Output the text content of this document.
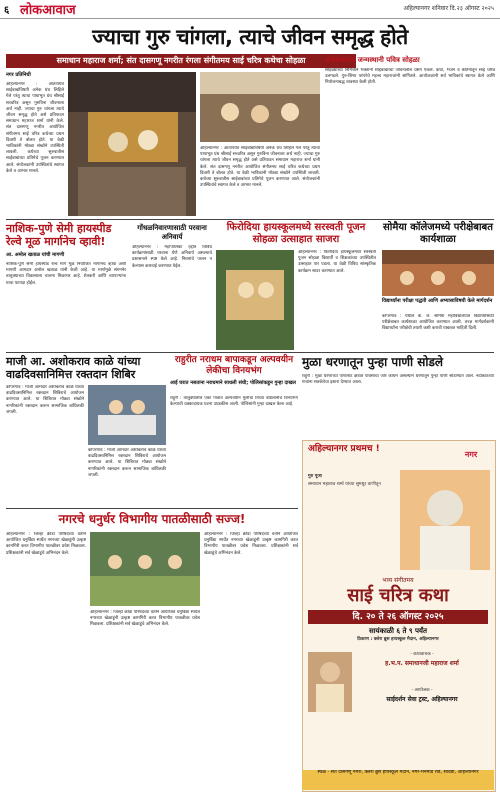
६ लोकआवाज	अहिल्यानगर शनिवार दि.२३ ऑगस्ट २०२५
ज्याचा गुरु चांगला, त्याचे जीवन समृद्ध होते
समाधान महाराज शर्मा; संत दासगणू नगरीत रंगला संगीतमय साई चरित्र कथेचा सोहळा
नगर प्रतिनिधी
अहिल्यानगर : आतापर्यंत साईबाबांविषयी अनेक ग्रंथ लिहिले गेले परंतु त्याचा पायाभूत ग्रंथ श्रीसाई सच्चरित्र असून गुरुविना जीवनाला अर्थ नाही. ज्याचा गुरु चांगला त्याचे जीवन समृद्ध होते असे प्रतिपादन समाधान महाराज शर्मा यांनी केले. संत दासगणू नगरीत आयोजित संगीतमय साई चरित्र कथेच्या प्रथम दिवशी ते बोलत होते. या वेळी भाविकांनी मोठ्या संख्येने उपस्थिती लावली. कथेच्या सुरुवातीस साईबाबांच्या प्रतिमेचे पूजन करण्यात आले. संयोजकांनी उपस्थितांचे स्वागत केले व आभार मानले.
अहिल्यानगर : आतापर्यंत साईबाबांविषयी अनेक ग्रंथ लिहिले गेले परंतु त्याचा पायाभूत ग्रंथ श्रीसाई सच्चरित्र असून गुरुविना जीवनाला अर्थ नाही. ज्याचा गुरु चांगला त्याचे जीवन समृद्ध होते असे प्रतिपादन समाधान महाराज शर्मा यांनी केले. संत दासगणू नगरीत आयोजित संगीतमय साई चरित्र कथेच्या प्रथम दिवशी ते बोलत होते. या वेळी भाविकांनी मोठ्या संख्येने उपस्थिती लावली. कथेच्या सुरुवातीस साईबाबांच्या प्रतिमेचे पूजन करण्यात आले. संयोजकांनी उपस्थितांचे स्वागत केले व आभार मानले.
साईबाबांच्या जन्मस्थानी पवित्र सोहळा
सोहळ्याच्या निमित्ताने भक्तांनी साईबाबांच्या जीवनातील प्रसंग ऐकले. कथा, भजन व कीर्तनातून साई चरित्र उलगडले. गुरु-शिष्य परंपरेचे महत्त्व महाराजांनी सांगितले. आयोजकांनी सर्व भाविकांचे स्वागत केले आणि नियोजनाबद्ध व्यवस्था केली होती.
नाशिक-पुणे सेमी हायस्पीड रेल्वे मूळ मार्गानेच व्हावी!
आ. अमोल खताळ यांची मागणी
नाशिक-पुणे सेमी हायस्पीड रेल्वे मार्ग मूळ नियोजित मार्गानेच व्हावा अशी मागणी आमदार अमोल खताळ यांनी केली आहे. या मार्गामुळे संगमनेर तालुक्याच्या विकासाला चालना मिळणार आहे. शेतकरी आणि व्यापाऱ्यांना याचा फायदा होईल.
गोंधळनिवारणासाठी परवाना अनिवार्य
अहिल्यानगर : महापालिका हद्दीत विविध कार्यक्रमांसाठी परवाना घेणे अनिवार्य असल्याचे प्रशासनाने स्पष्ट केले आहे. नियमांचे पालन न केल्यास कारवाई करण्यात येईल.
फिरोदिया हायस्कूलमध्ये सरस्वती पूजन सोहळा उत्साहात साजरा
अहिल्यानगर : फिरोदिया हायस्कूलमध्ये सरस्वती पूजन सोहळा विद्यार्थी व शिक्षकांच्या उपस्थितीत उत्साहात पार पडला. या वेळी विविध सांस्कृतिक कार्यक्रम सादर करण्यात आले.
सोमैया कॉलेजमध्ये परीक्षेबाबत कार्यशाळा
विद्यार्थ्यांना परीक्षा पद्धती आणि अभ्यासाविषयी केले मार्गदर्शन
कोपरगाव : येथील के. जे. सोमैया महाविद्यालयात विद्यार्थ्यांसाठी परीक्षेबाबत कार्यशाळा आयोजित करण्यात आली. तज्ज्ञ मार्गदर्शकांनी विद्यार्थ्यांना परीक्षेची तयारी कशी करावी याबाबत माहिती दिली.
माजी आ. अशोकराव काळे यांच्या वाढदिवसानिमित्त रक्तदान शिबिर
कोपरगाव : माजी आमदार अशोकराव काळे यांच्या वाढदिवसानिमित्त रक्तदान शिबिराचे आयोजन करण्यात आले. या शिबिरात मोठ्या संख्येने नागरिकांनी रक्तदान करून सामाजिक बांधिलकी जपली.
कोपरगाव : माजी आमदार अशोकराव काळे यांच्या वाढदिवसानिमित्त रक्तदान शिबिराचे आयोजन करण्यात आले. या शिबिरात मोठ्या संख्येने नागरिकांनी रक्तदान करून सामाजिक बांधिलकी जपली.
राहुरीत नराधम बापाकडून अल्पवयीन लेकीचा विनयभंग
आई घरात नसताना नराधमाने साधली संधी; पोलिसांकडून गुन्हा दाखल
राहुरी : तालुक्यातील एका गावात अल्पवयीन मुलीचा तिच्या वडिलांनीच विनयभंग केल्याची धक्कादायक घटना उघडकीस आली. पोलिसांनी गुन्हा दाखल केला आहे.
मुळा धरणातून पुन्हा पाणी सोडले
राहुरी : मुळा धरणाच्या पाणलोट क्षेत्रात पावसाचा जोर कायम असल्याने धरणातून पुन्हा पाणी सोडण्यात आले. नदीकाठच्या गावांना सतर्कतेचा इशारा देण्यात आला.
अहिल्यानगर प्रथमच !
नगर
गुरु पूजा
समाधान महाराज शर्मा यांच्या सुमधुर वाणीतून
भव्य संगीतमय
साई चरित्र कथा
दि. २० ते २६ ऑगस्ट २०२५
सायंकाळी ६ ते ९ पर्यंत
ठिकाण : क्लेरा ब्रुस हायस्कूल मैदान, अहिल्यानगर
- कथावाचक -
ह.भ.प. समाधानजी महाराज शर्मा
- आयोजक -
साईदर्शन सेवा ट्रस्ट, अहिल्यानगर
स्थळ - संत दासगणू नगरी, क्लेरा ब्रुस हायस्कूल मैदान, नगर-मनमाड रोड, सावेडी, अहिल्यानगर
नगरचे धनुर्धर विभागीय पातळीसाठी सज्ज!
अहिल्यानगर : जिल्हा क्रीडा परिषदेच्या वतीने आयोजित धनुर्विद्या स्पर्धेत नगरच्या खेळाडूंनी उत्कृष्ट कामगिरी करत विभागीय पातळीवर प्रवेश मिळवला. प्रशिक्षकांनी सर्व खेळाडूंचे अभिनंदन केले.
अहिल्यानगर : जिल्हा क्रीडा परिषदेच्या वतीने आयोजित धनुर्विद्या स्पर्धेत नगरच्या खेळाडूंनी उत्कृष्ट कामगिरी करत विभागीय पातळीवर प्रवेश मिळवला. प्रशिक्षकांनी सर्व खेळाडूंचे अभिनंदन केले.
अहिल्यानगर : जिल्हा क्रीडा परिषदेच्या वतीने आयोजित धनुर्विद्या स्पर्धेत नगरच्या खेळाडूंनी उत्कृष्ट कामगिरी करत विभागीय पातळीवर प्रवेश मिळवला. प्रशिक्षकांनी सर्व खेळाडूंचे अभिनंदन केले.
